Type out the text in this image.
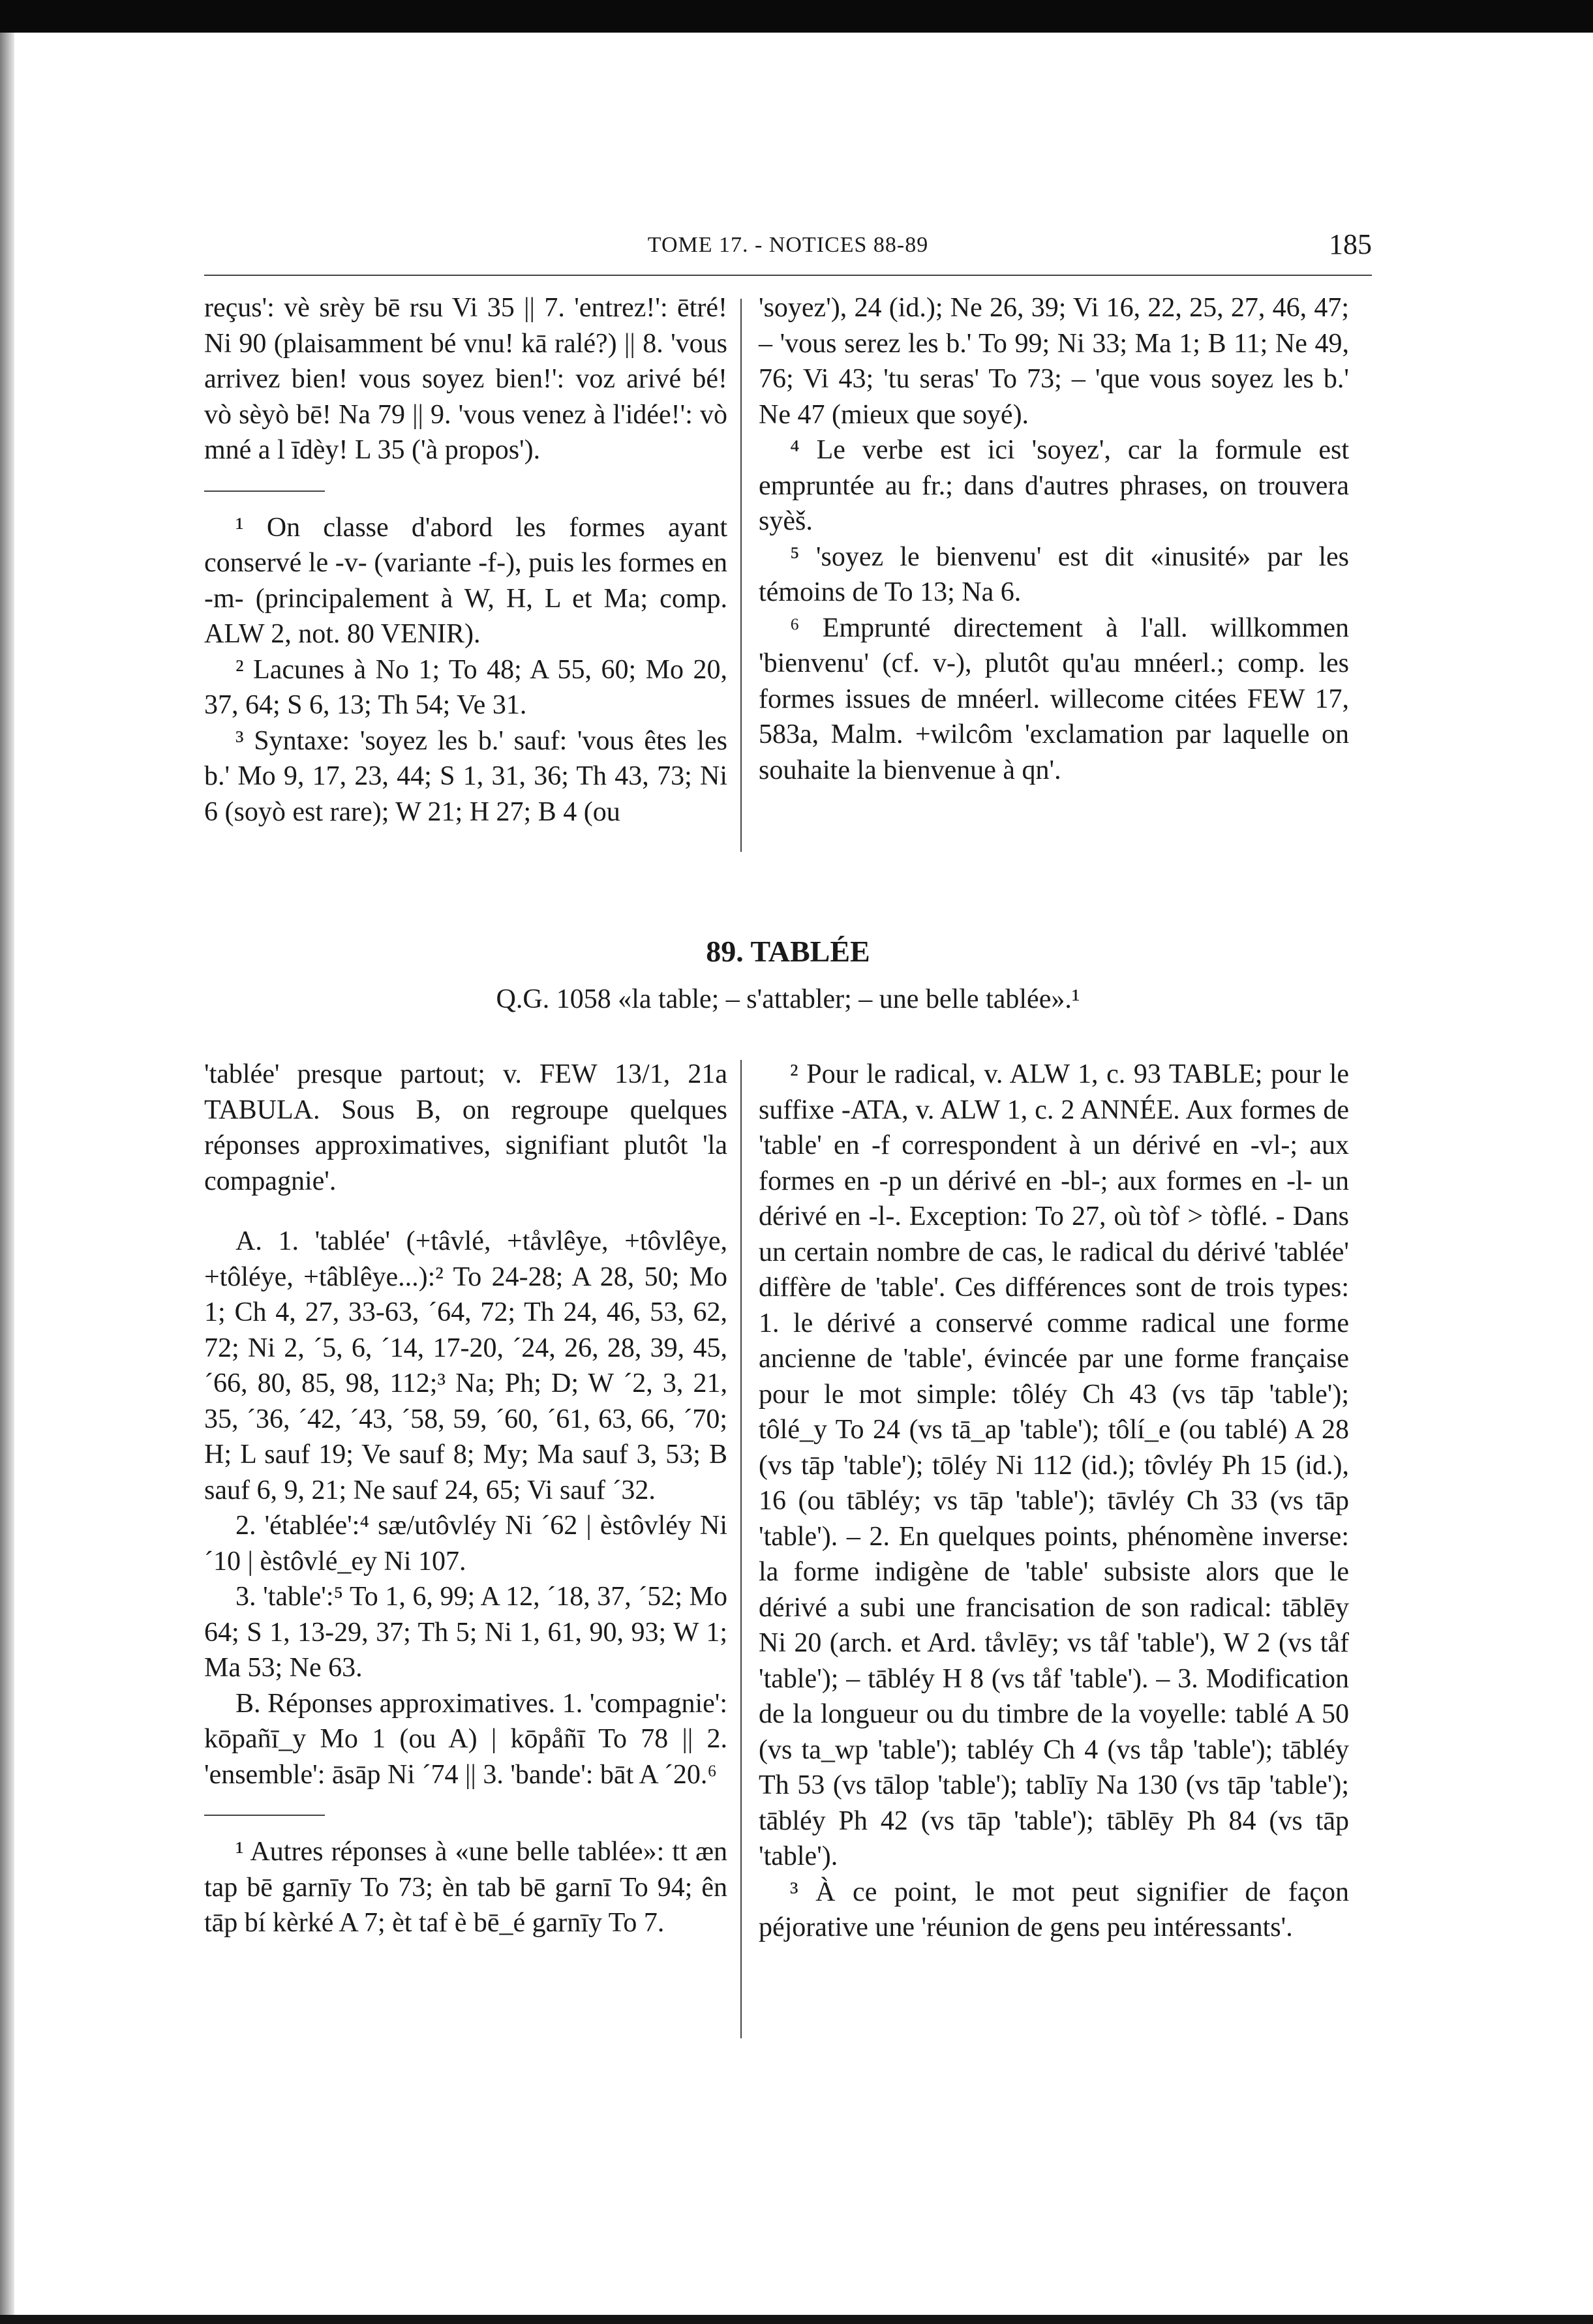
TOME 17. - NOTICES 88-89	185

reçus': vè srèy bē rsu Vi 35 || 7. 'entrez!': ētré! Ni 90 (plaisamment bé vnu! kā ralé?) || 8. 'vous arrivez bien! vous soyez bien!': voz arivé bé! vò sèyò bē! Na 79 || 9. 'vous venez à l'idée!': vò mné a l īdèy! L 35 ('à propos').

¹ On classe d'abord les formes ayant conservé le -v- (variante -f-), puis les formes en -m- (principalement à W, H, L et Ma; comp. ALW 2, not. 80 VENIR).

² Lacunes à No 1; To 48; A 55, 60; Mo 20, 37, 64; S 6, 13; Th 54; Ve 31.

³ Syntaxe: 'soyez les b.' sauf: 'vous êtes les b.' Mo 9, 17, 23, 44; S 1, 31, 36; Th 43, 73; Ni 6 (soyò est rare); W 21; H 27; B 4 (ou

'soyez'), 24 (id.); Ne 26, 39; Vi 16, 22, 25, 27, 46, 47; – 'vous serez les b.' To 99; Ni 33; Ma 1; B 11; Ne 49, 76; Vi 43; 'tu seras' To 73; – 'que vous soyez les b.' Ne 47 (mieux que soyé).

⁴ Le verbe est ici 'soyez', car la formule est empruntée au fr.; dans d'autres phrases, on trouvera syèš.

⁵ 'soyez le bienvenu' est dit «inusité» par les témoins de To 13; Na 6.

⁶ Emprunté directement à l'all. willkommen 'bienvenu' (cf. v-), plutôt qu'au mnéerl.; comp. les formes issues de mnéerl. willecome citées FEW 17, 583a, Malm. +wilcôm 'exclamation par laquelle on souhaite la bienvenue à qn'.

89. TABLÉE
Q.G. 1058 «la table; – s'attabler; – une belle tablée».¹

'tablée' presque partout; v. FEW 13/1, 21a TABULA. Sous B, on regroupe quelques réponses approximatives, signifiant plutôt 'la compagnie'.

A. 1. 'tablée' (+tâvlé, +tåvlêye, +tôvlêye, +tôléye, +tâblêye...):² To 24-28; A 28, 50; Mo 1; Ch 4, 27, 33-63, ´64, 72; Th 24, 46, 53, 62, 72; Ni 2, ´5, 6, ´14, 17-20, ´24, 26, 28, 39, 45, ´66, 80, 85, 98, 112;³ Na; Ph; D; W ´2, 3, 21, 35, ´36, ´42, ´43, ´58, 59, ´60, ´61, 63, 66, ´70; H; L sauf 19; Ve sauf 8; My; Ma sauf 3, 53; B sauf 6, 9, 21; Ne sauf 24, 65; Vi sauf ´32.

2. 'établée':⁴ sæ/utôvléy Ni ´62 | èstôvléy Ni ´10 | èstôvlé_ey Ni 107.

3. 'table':⁵ To 1, 6, 99; A 12, ´18, 37, ´52; Mo 64; S 1, 13-29, 37; Th 5; Ni 1, 61, 90, 93; W 1; Ma 53; Ne 63.

B. Réponses approximatives. 1. 'compagnie': kōpañī_y Mo 1 (ou A) | kōpåñī To 78 || 2. 'ensemble': āsāp Ni ´74 || 3. 'bande': bāt A ´20.⁶

¹ Autres réponses à «une belle tablée»: tt æn tap bē garnīy To 73; èn tab bē garnī To 94; ên tāp bí kèrké A 7; èt taf è bē_é garnīy To 7.

² Pour le radical, v. ALW 1, c. 93 TABLE; pour le suffixe -ATA, v. ALW 1, c. 2 ANNÉE. Aux formes de 'table' en -f correspondent à un dérivé en -vl-; aux formes en -p un dérivé en -bl-; aux formes en -l- un dérivé en -l-. Exception: To 27, où tòf > tòflé. - Dans un certain nombre de cas, le radical du dérivé 'tablée' diffère de 'table'. Ces différences sont de trois types: 1. le dérivé a conservé comme radical une forme ancienne de 'table', évincée par une forme française pour le mot simple: tôléy Ch 43 (vs tāp 'table'); tôlé_y To 24 (vs tā_ap 'table'); tôlí_e (ou tablé) A 28 (vs tāp 'table'); tōléy Ni 112 (id.); tôvléy Ph 15 (id.), 16 (ou tābléy; vs tāp 'table'); tāvléy Ch 33 (vs tāp 'table'). – 2. En quelques points, phénomène inverse: la forme indigène de 'table' subsiste alors que le dérivé a subi une francisation de son radical: tāblēy Ni 20 (arch. et Ard. tåvlēy; vs tåf 'table'), W 2 (vs tåf 'table'); – tābléy H 8 (vs tåf 'table'). – 3. Modification de la longueur ou du timbre de la voyelle: tablé A 50 (vs ta_wp 'table'); tabléy Ch 4 (vs tåp 'table'); tābléy Th 53 (vs tālop 'table'); tablīy Na 130 (vs tāp 'table'); tābléy Ph 42 (vs tāp 'table'); tāblēy Ph 84 (vs tāp 'table').

³ À ce point, le mot peut signifier de façon péjorative une 'réunion de gens peu intéressants'.
